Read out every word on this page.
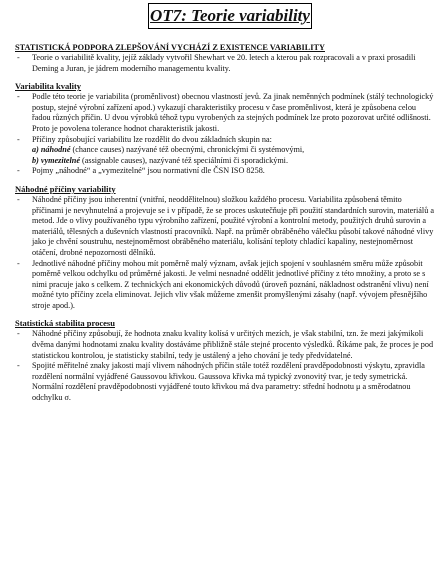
OT7: Teorie variability

STATISTICKÁ PODPORA ZLEPŠOVÁNÍ VYCHÁZÍ Z EXISTENCE VARIABILITY

- Teorie o variabilitě kvality, jejíž základy vytvořil Shewhart ve 20. letech a kterou pak rozpracovali a v praxi prosadili Deming a Juran, je jádrem moderního managementu kvality.

Variabilita kvality

- Podle této teorie je variabilita (proměnlivost) obecnou vlastností jevů. Za jinak neměnných podmínek (stálý technologický postup, stejné výrobní zařízení apod.) vykazují charakteristiky procesu v čase proměnlivost, která je způsobena celou řadou různých příčin. U dvou výrobků téhož typu vyrobených za stejných podmínek lze proto pozorovat určité odlišnosti. Proto je povolena tolerance hodnot charakteristik jakosti.
- Příčiny způsobující variabilitu lze rozdělit do dvou základních skupin na:
a) náhodné (chance causes) nazývané též obecnými, chronickými či systémovými,
b) vymezitelné (assignable causes), nazývané též speciálními či sporadickými.
- Pojmy „náhodné“ a „vymezitelné“ jsou normativní dle ČSN ISO 8258.

Náhodné příčiny variability

- Náhodné příčiny jsou inherentní (vnitřní, neoddělitelnou) složkou každého procesu. Variabilita způsobená těmito příčinami je nevyhnutelná a projevuje se i v případě, že se proces uskutečňuje při použití standardních surovin, materiálů a metod. Jde o vlivy používaného typu výrobního zařízení, použité výrobní a kontrolní metody, použitých druhů surovin a materiálů, tělesných a duševních vlastností pracovníků. Např. na průměr obráběného válečku působí takové náhodné vlivy jako je chvění soustruhu, nestejnoměrnost obráběného materiálu, kolísání teploty chladící kapaliny, nestejnoměrnost otáčení, drobné nepozornosti dělníků.
- Jednotlivé náhodné příčiny mohou mít poměrně malý význam, avšak jejich spojení v souhlasném směru může způsobit poměrně velkou odchylku od průměrné jakosti. Je velmi nesnadné oddělit jednotlivé příčiny z této množiny, a proto se s nimi pracuje jako s celkem. Z technických ani ekonomických důvodů (úroveň poznání, nákladnost odstranění vlivu) není možné tyto příčiny zcela eliminovat. Jejich vliv však můžeme zmenšit promyšlenými zásahy (např. vývojem přesnějšího stroje apod.).

Statistická stabilita procesu

- Náhodné příčiny způsobují, že hodnota znaku kvality kolísá v určitých mezích, je však stabilní, tzn. že mezi jakýmikoli dvěma danými hodnotami znaku kvality dostáváme přibližně stále stejné procento výsledků. Říkáme pak, že proces je pod statistickou kontrolou, je statisticky stabilní, tedy je ustálený a jeho chování je tedy předvídatelné.
- Spojité měřitelné znaky jakosti mají vlivem náhodných příčin stále totéž rozdělení pravděpodobnosti výskytu, zpravidla rozdělení normální vyjádřené Gaussovou křivkou. Gaussova křivka má typický zvonovitý tvar, je tedy symetrická. Normální rozdělení pravděpodobnosti vyjádřené touto křivkou má dva parametry: střední hodnotu μ a směrodatnou odchylku σ.
